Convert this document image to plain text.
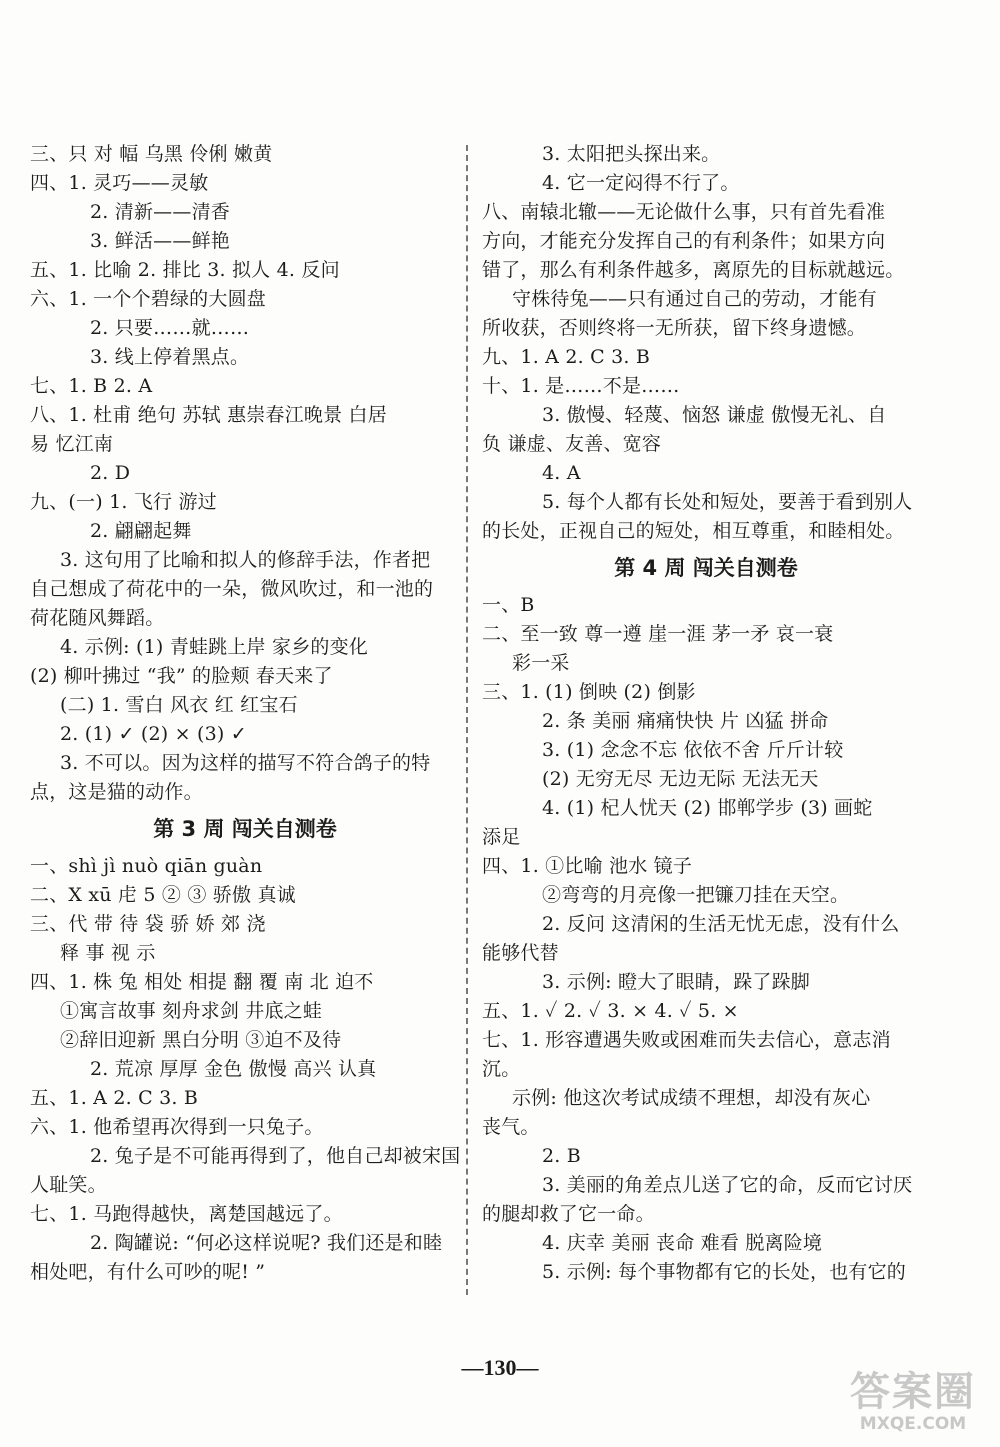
三、只 对 幅 乌黑 伶俐 嫩黄
四、1. 灵巧——灵敏
2. 清新——清香
3. 鲜活——鲜艳
五、1. 比喻 2. 排比 3. 拟人 4. 反问
六、1. 一个个碧绿的大圆盘
2. 只要……就……
3. 线上停着黑点。
七、1. B 2. A
八、1. 杜甫 绝句 苏轼 惠崇春江晚景 白居
易 忆江南
2. D
九、(一) 1. 飞行 游过
2. 翩翩起舞
3. 这句用了比喻和拟人的修辞手法，作者把
自己想成了荷花中的一朵，微风吹过，和一池的
荷花随风舞蹈。
4. 示例: (1) 青蛙跳上岸 家乡的变化
(2) 柳叶拂过 “我” 的脸颊 春天来了
(二) 1. 雪白 风衣 红 红宝石
2. (1) ✓ (2) × (3) ✓
3. 不可以。因为这样的描写不符合鸽子的特
点，这是猫的动作。
第 3 周 闯关自测卷
一、shì jì nuò qiān guàn
二、X xū 虍 5 ② ③ 骄傲 真诚
三、代 带 待 袋 骄 娇 郊 浇
释 事 视 示
四、1. 株 兔 相处 相提 翻 覆 南 北 迫不
①寓言故事 刻舟求剑 井底之蛙
②辞旧迎新 黑白分明 ③迫不及待
2. 荒凉 厚厚 金色 傲慢 高兴 认真
五、1. A 2. C 3. B
六、1. 他希望再次得到一只兔子。
2. 兔子是不可能再得到了，他自己却被宋国
人耻笑。
七、1. 马跑得越快，离楚国越远了。
2. 陶罐说: “何必这样说呢? 我们还是和睦
相处吧，有什么可吵的呢! ”
3. 太阳把头探出来。
4. 它一定闷得不行了。
八、南辕北辙——无论做什么事，只有首先看准
方向，才能充分发挥自己的有利条件；如果方向
错了，那么有利条件越多，离原先的目标就越远。
守株待兔——只有通过自己的劳动，才能有
所收获，否则终将一无所获，留下终身遗憾。
九、1. A 2. C 3. B
十、1. 是……不是……
3. 傲慢、轻蔑、恼怒 谦虚 傲慢无礼、自
负 谦虚、友善、宽容
4. A
5. 每个人都有长处和短处，要善于看到别人
的长处，正视自己的短处，相互尊重，和睦相处。
第 4 周 闯关自测卷
一、B
二、至一致 尊一遵 崖一涯 茅一矛 哀一衰
彩一采
三、1. (1) 倒映 (2) 倒影
2. 条 美丽 痛痛快快 片 凶猛 拼命
3. (1) 念念不忘 依依不舍 斤斤计较
(2) 无穷无尽 无边无际 无法无天
4. (1) 杞人忧天 (2) 邯郸学步 (3) 画蛇
添足
四、1. ①比喻 池水 镜子
②弯弯的月亮像一把镰刀挂在天空。
2. 反问 这清闲的生活无忧无虑，没有什么
能够代替
3. 示例: 瞪大了眼睛，跺了跺脚
五、1. ✓ 2. ✓ 3. × 4. ✓ 5. ×
七、1. 形容遭遇失败或困难而失去信心，意志消
沉。
示例: 他这次考试成绩不理想，却没有灰心
丧气。
2. B
3. 美丽的角差点儿送了它的命，反而它讨厌
的腿却救了它一命。
4. 庆幸 美丽 丧命 难看 脱离险境
5. 示例: 每个事物都有它的长处，也有它的
—130—
答案圈
MXQE.COM
